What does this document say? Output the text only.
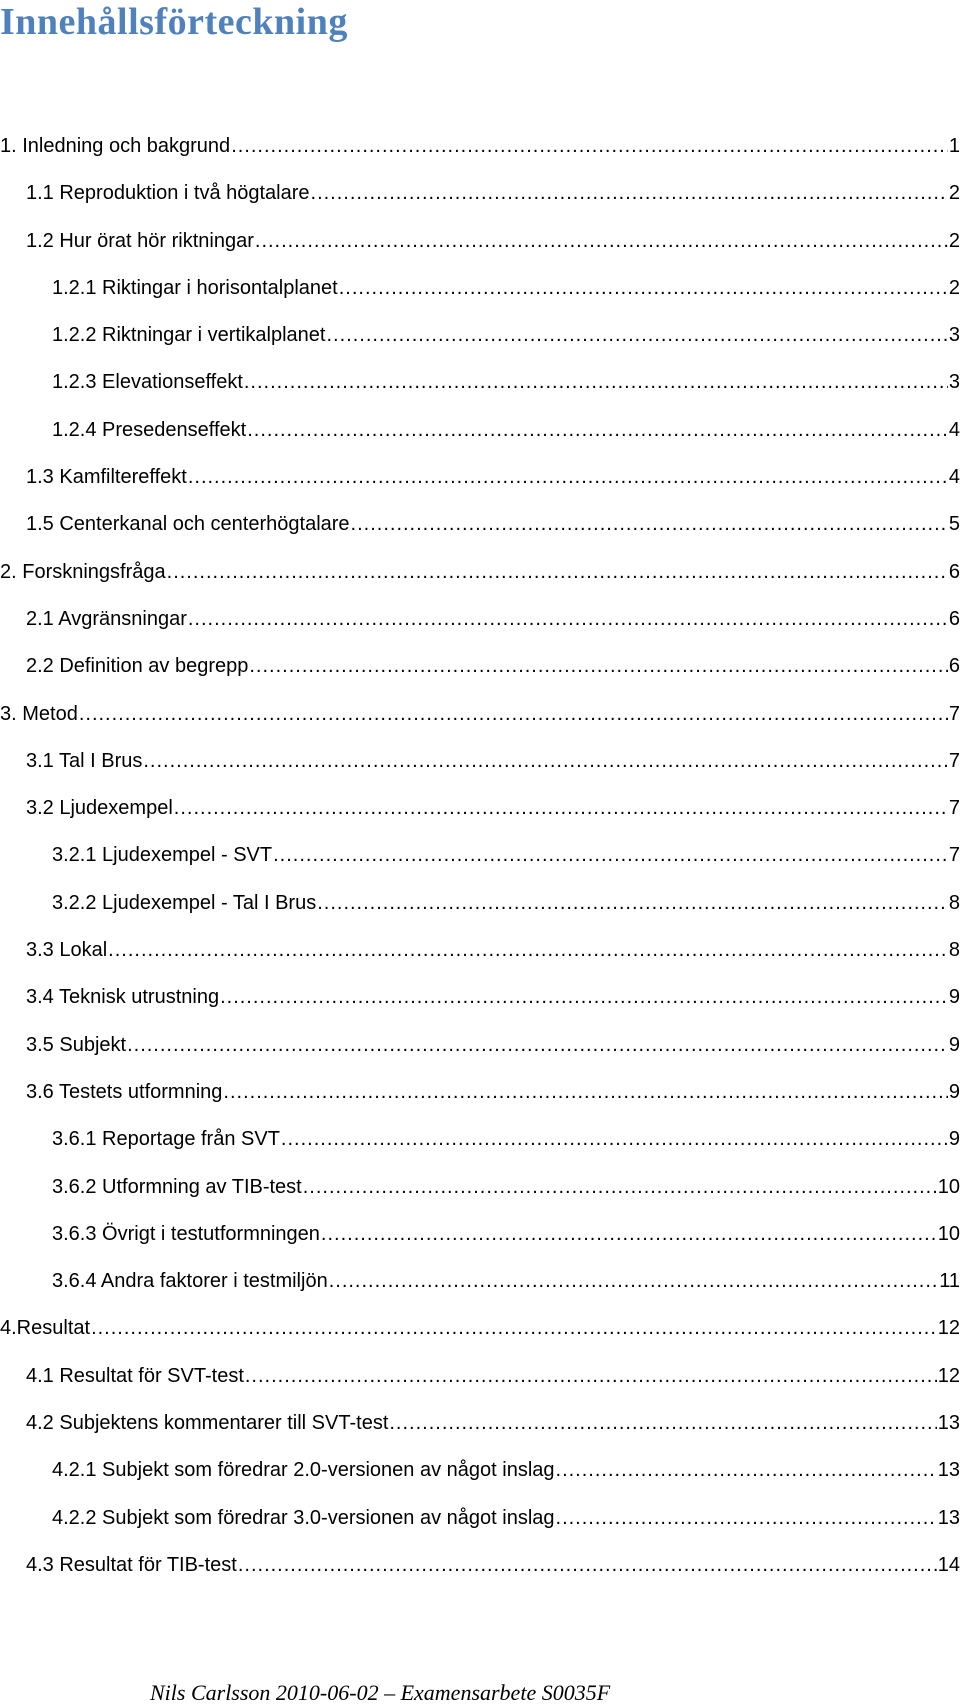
Innehållsförteckning
1. Inledning och bakgrund .....	1
1.1 Reproduktion i två högtalare .....	2
1.2 Hur örat hör riktningar .....	2
1.2.1 Riktingar i horisontalplanet .....	2
1.2.2 Riktningar i vertikalplanet .....	3
1.2.3 Elevationseffekt .....	3
1.2.4 Presedenseffekt .....	4
1.3 Kamfiltereffekt .....	4
1.5 Centerkanal och centerhögtalare .....	5
2. Forskningsfråga .....	6
2.1 Avgränsningar .....	6
2.2 Definition av begrepp .....	6
3. Metod .....	7
3.1 Tal I Brus .....	7
3.2 Ljudexempel .....	7
3.2.1 Ljudexempel - SVT .....	7
3.2.2 Ljudexempel - Tal I Brus .....	8
3.3 Lokal .....	8
3.4 Teknisk utrustning .....	9
3.5 Subjekt .....	9
3.6 Testets utformning .....	9
3.6.1 Reportage från SVT .....	9
3.6.2 Utformning av TIB-test .....	10
3.6.3 Övrigt i testutformningen .....	10
3.6.4 Andra faktorer i testmiljön .....	11
4.Resultat .....	12
4.1 Resultat för SVT-test .....	12
4.2 Subjektens kommentarer till SVT-test .....	13
4.2.1 Subjekt som föredrar 2.0-versionen av något inslag .....	13
4.2.2 Subjekt som föredrar 3.0-versionen av något inslag .....	13
4.3 Resultat för TIB-test .....	14
Nils Carlsson 2010-06-02 – Examensarbete S0035F
